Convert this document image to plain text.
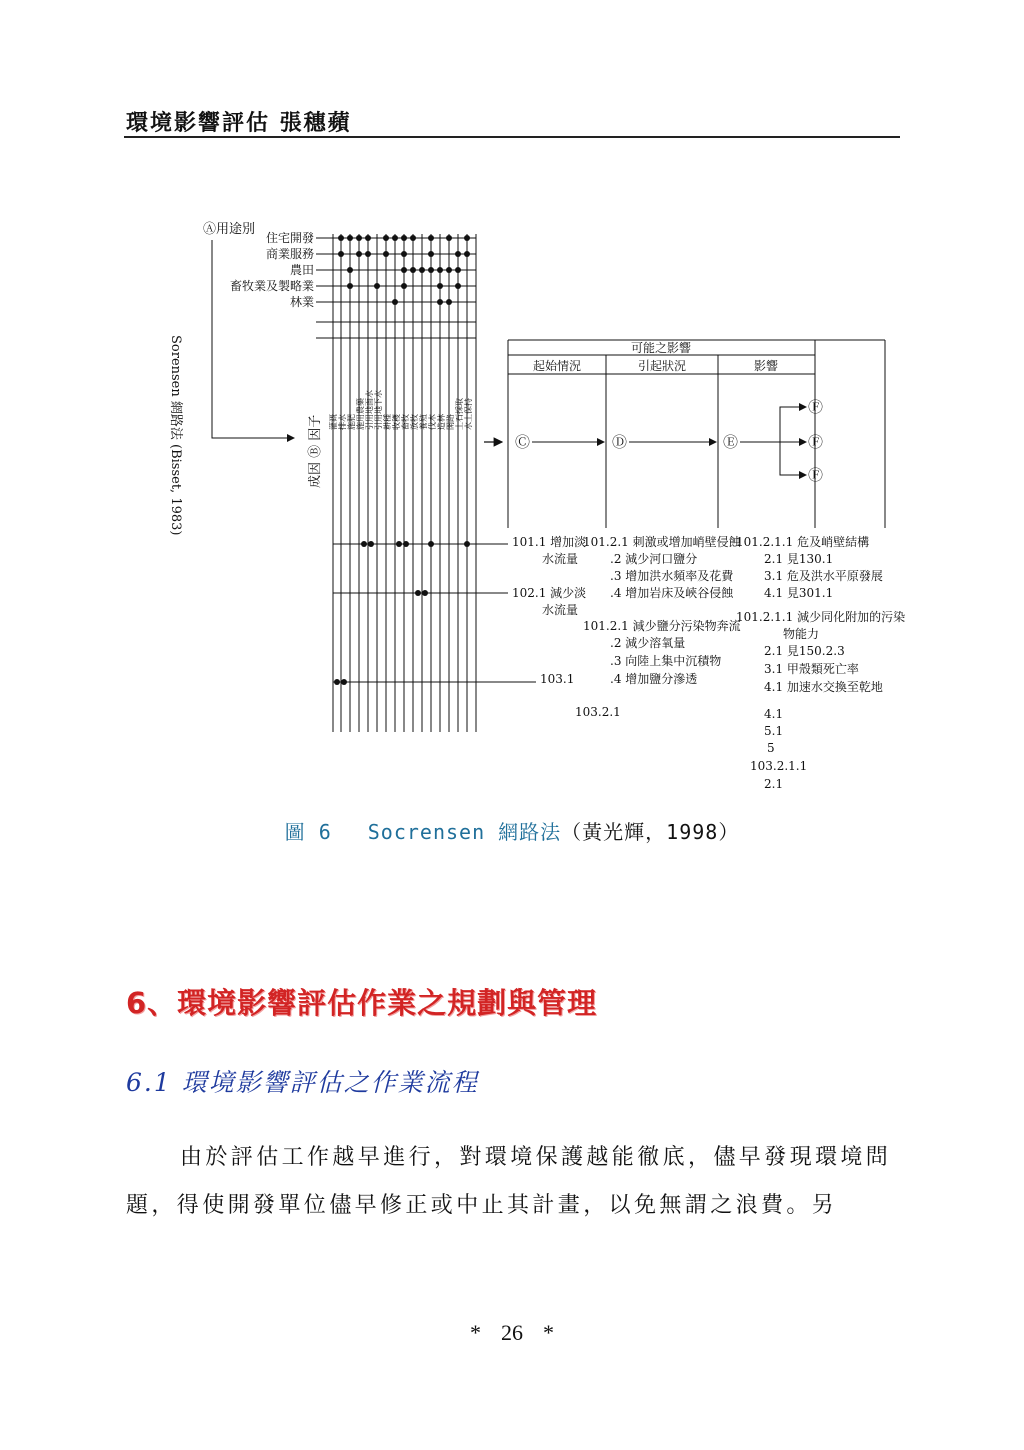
環境影響評估 張穗蘋
Sorensen 網路法 (Bisset, 1983)
Ⓐ用途別
住宅開發
商業服務
農田
畜牧業及製略業
林業
灌溉 排水 施肥 施用農藥 引用地面水 引用地下水 耕種 收穫 畜牧 放牧 養殖 伐木 造林 開路 土石採取 水土保持
成因 Ⓑ 因子
可能之影響
起始情況	引起狀況	影響
Ⓒ	Ⓓ	Ⓔ
Ⓕ
Ⓕ
Ⓕ
101.1 增加淡
水流量
102.1 減少淡
水流量
103.1
101.2.1 刺激或增加峭壁侵蝕
.2 減少河口鹽分
.3 增加洪水頻率及花費
.4 增加岩床及峽谷侵蝕
101.2.1 減少鹽分污染物奔流
.2 減少溶氧量
.3 向陸上集中沉積物
.4 增加鹽分滲透
103.2.1
101.2.1.1 危及峭壁結構
2.1 見130.1
3.1 危及洪水平原發展
4.1 見301.1
101.2.1.1 減少同化附加的污染
物能力
2.1 見150.2.3
3.1 甲殼類死亡率
4.1 加速水交換至乾地
4.1
5.1
5
103.2.1.1
2.1
圖 6 Socrensen 網路法（黃光輝，1998）
6、環境影響評估作業之規劃與管理
6.1 環境影響評估之作業流程
由於評估工作越早進行，對環境保護越能徹底，儘早發現環境問題，得使開發單位儘早修正或中止其計畫，以免無謂之浪費。另
* 26 *
